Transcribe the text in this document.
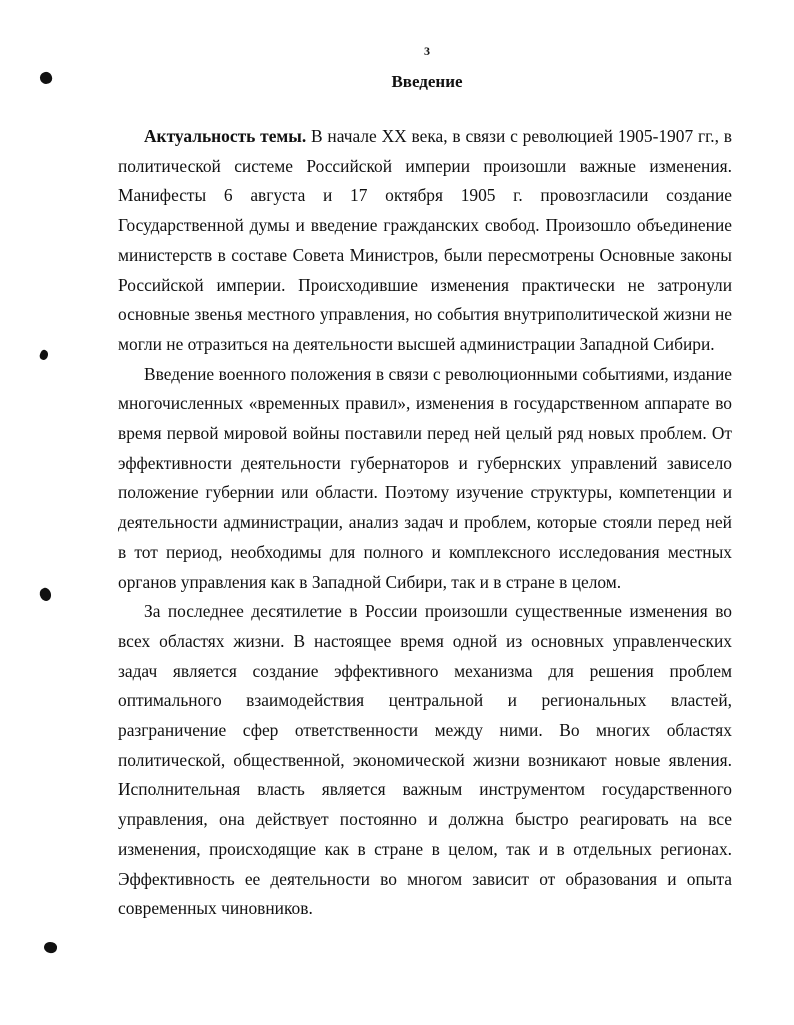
3
Введение

Актуальность темы. В начале XX века, в связи с революцией 1905-1907 гг., в политической системе Российской империи произошли важные изменения. Манифесты 6 августа и 17 октября 1905 г. провозгласили создание Государственной думы и введение гражданских свобод. Произошло объединение министерств в составе Совета Министров, были пересмотрены Основные законы Российской империи. Происходившие изменения практически не затронули основные звенья местного управления, но события внутриполитической жизни не могли не отразиться на деятельности высшей администрации Западной Сибири.

Введение военного положения в связи с революционными событиями, издание многочисленных «временных правил», изменения в государственном аппарате во время первой мировой войны поставили перед ней целый ряд новых проблем. От эффективности деятельности губернаторов и губернских управлений зависело положение губернии или области. Поэтому изучение структуры, компетенции и деятельности администрации, анализ задач и проблем, которые стояли перед ней в тот период, необходимы для полного и комплексного исследования местных органов управления как в Западной Сибири, так и в стране в целом.

За последнее десятилетие в России произошли существенные изменения во всех областях жизни. В настоящее время одной из основных управленческих задач является создание эффективного механизма для решения проблем оптимального взаимодействия центральной и региональных властей, разграничение сфер ответственности между ними. Во многих областях политической, общественной, экономической жизни возникают новые явления. Исполнительная власть является важным инструментом государственного управления, она действует постоянно и должна быстро реагировать на все изменения, происходящие как в стране в целом, так и в отдельных регионах. Эффективность ее деятельности во многом зависит от образования и опыта современных чиновников.
